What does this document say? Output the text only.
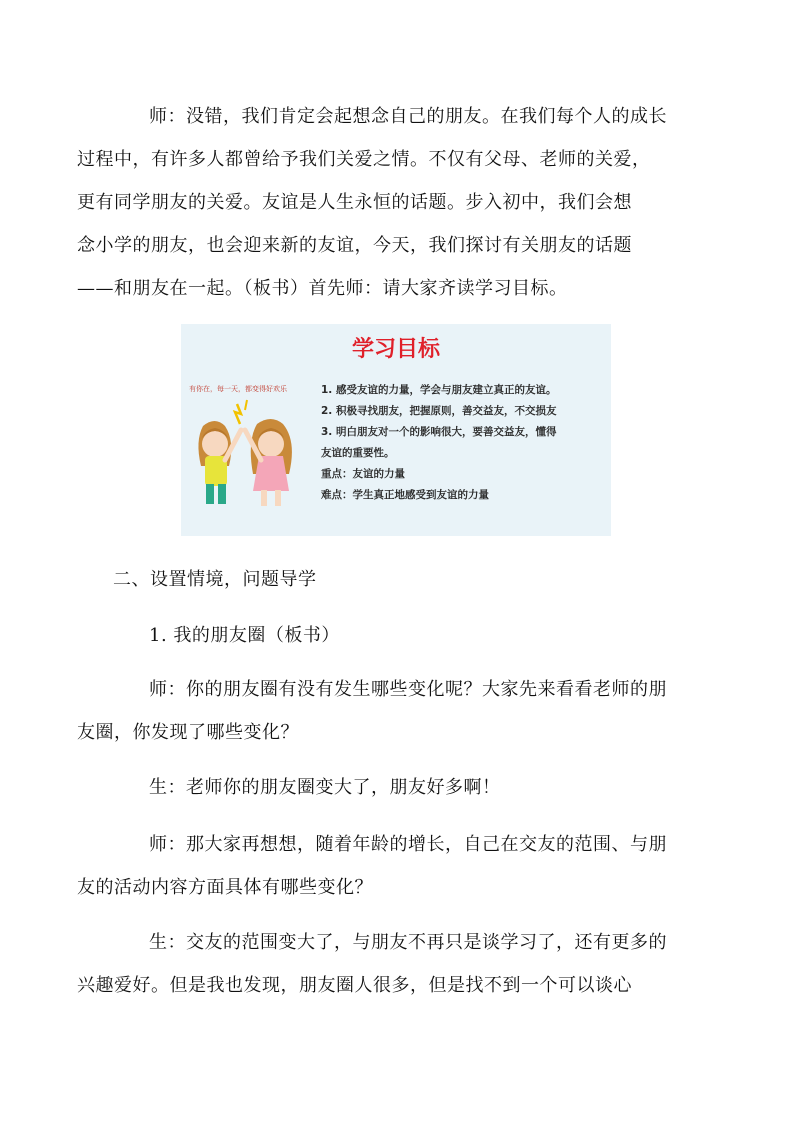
师：没错，我们肯定会起想念自己的朋友。在我们每个人的成长
过程中，有许多人都曾给予我们关爱之情。不仅有父母、老师的关爱，
更有同学朋友的关爱。友谊是人生永恒的话题。步入初中，我们会想
念小学的朋友，也会迎来新的友谊，今天，我们探讨有关朋友的话题
——和朋友在一起。（板书）首先师：请大家齐读学习目标。
学习目标
有你在，每一天，都变得好欢乐	1. 感受友谊的力量，学会与朋友建立真正的友谊。
2. 积极寻找朋友，把握原则，善交益友，不交损友
3. 明白朋友对一个的影响很大，要善交益友，懂得
友谊的重要性。
重点：友谊的力量
难点：学生真正地感受到友谊的力量
二、设置情境，问题导学
1. 我的朋友圈（板书）
师：你的朋友圈有没有发生哪些变化呢？大家先来看看老师的朋
友圈，你发现了哪些变化？
生：老师你的朋友圈变大了，朋友好多啊！
师：那大家再想想，随着年龄的增长，自己在交友的范围、与朋
友的活动内容方面具体有哪些变化？
生：交友的范围变大了，与朋友不再只是谈学习了，还有更多的
兴趣爱好。但是我也发现，朋友圈人很多，但是找不到一个可以谈心
